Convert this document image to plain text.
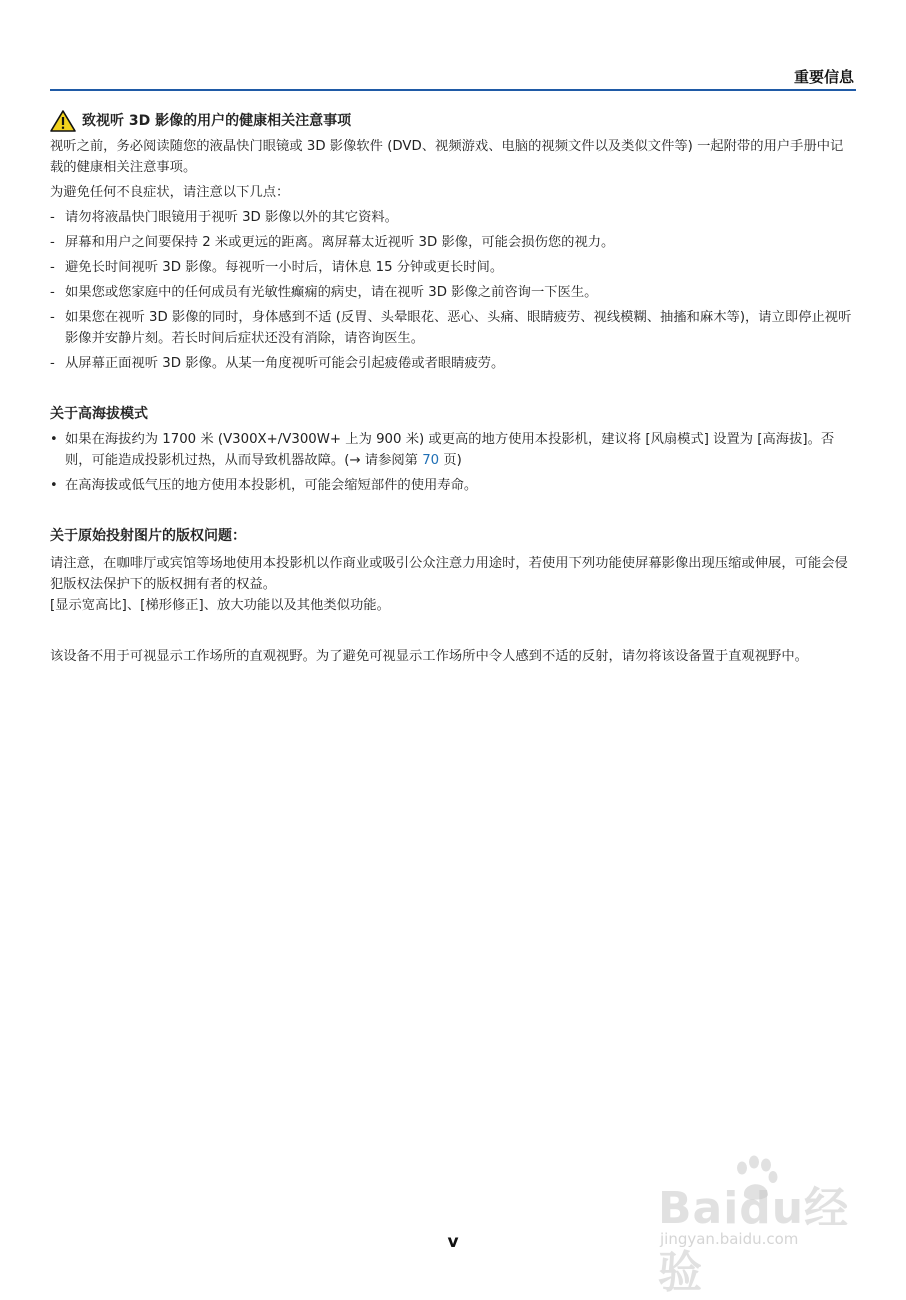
重要信息
致视听 3D 影像的用户的健康相关注意事项

视听之前，务必阅读随您的液晶快门眼镜或 3D 影像软件 (DVD、视频游戏、电脑的视频文件以及类似文件等) 一起附带的用户手册中记载的健康相关注意事项。

为避免任何不良症状，请注意以下几点：

- 请勿将液晶快门眼镜用于视听 3D 影像以外的其它资料。
- 屏幕和用户之间要保持 2 米或更远的距离。离屏幕太近视听 3D 影像，可能会损伤您的视力。
- 避免长时间视听 3D 影像。每视听一小时后，请休息 15 分钟或更长时间。
- 如果您或您家庭中的任何成员有光敏性癫痫的病史，请在视听 3D 影像之前咨询一下医生。
- 如果您在视听 3D 影像的同时，身体感到不适 (反胃、头晕眼花、恶心、头痛、眼睛疲劳、视线模糊、抽搐和麻木等)，请立即停止视听影像并安静片刻。若长时间后症状还没有消除，请咨询医生。
- 从屏幕正面视听 3D 影像。从某一角度视听可能会引起疲倦或者眼睛疲劳。
关于高海拔模式
• 如果在海拔约为 1700 米 (V300X+/V300W+ 上为 900 米) 或更高的地方使用本投影机，建议将 [风扇模式] 设置为 [高海拔]。否则，可能造成投影机过热，从而导致机器故障。(→ 请参阅第 70 页)
• 在高海拔或低气压的地方使用本投影机，可能会缩短部件的使用寿命。
关于原始投射图片的版权问题：

请注意，在咖啡厅或宾馆等场地使用本投影机以作商业或吸引公众注意力用途时，若使用下列功能使屏幕影像出现压缩或伸展，可能会侵犯版权法保护下的版权拥有者的权益。

[显示宽高比]、[梯形修正]、放大功能以及其他类似功能。

该设备不用于可视显示工作场所的直观视野。为了避免可视显示工作场所中令人感到不适的反射，请勿将该设备置于直观视野中。

Baidu经验
jingyan.baidu.com
v
